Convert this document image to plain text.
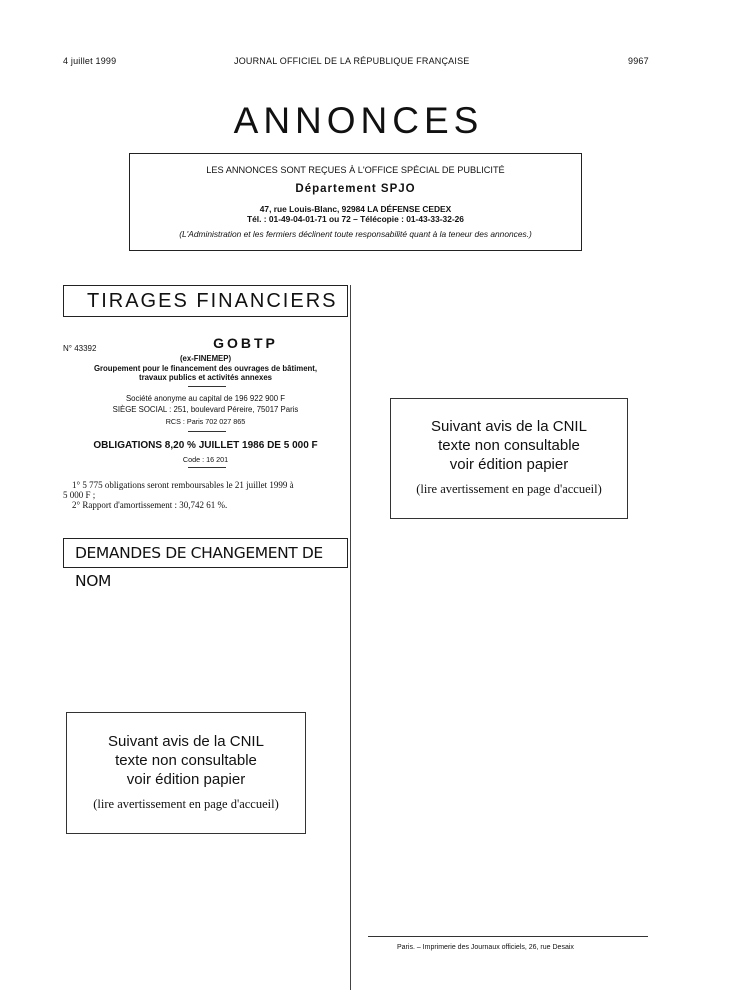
4 juillet 1999	JOURNAL OFFICIEL DE LA RÉPUBLIQUE FRANÇAISE	9967
ANNONCES
LES ANNONCES SONT REÇUES À L'OFFICE SPÉCIAL DE PUBLICITÉ
Département SPJO
47, rue Louis-Blanc, 92984 LA DÉFENSE CEDEX
Tél. : 01-49-04-01-71 ou 72 – Télécopie : 01-43-33-32-26
(L'Administration et les fermiers déclinent toute responsabilité quant à la teneur des annonces.)
TIRAGES FINANCIERS
N° 43392	GOBTP
(ex-FINEMEP)
Groupement pour le financement des ouvrages de bâtiment,
travaux publics et activités annexes
Société anonyme au capital de 196 922 900 F
SIÈGE SOCIAL : 251, boulevard Péreire, 75017 Paris
RCS : Paris 702 027 865
OBLIGATIONS 8,20 % JUILLET 1986 DE 5 000 F
Code : 16 201
1° 5 775 obligations seront remboursables le 21 juillet 1999 à
5 000 F ;
2° Rapport d'amortissement : 30,742 61 %.
DEMANDES DE CHANGEMENT DE NOM
Suivant avis de la CNIL
texte non consultable
voir édition papier
(lire avertissement en page d'accueil)
Suivant avis de la CNIL
texte non consultable
voir édition papier
(lire avertissement en page d'accueil)
Paris. – Imprimerie des Journaux officiels, 26, rue Desaix
